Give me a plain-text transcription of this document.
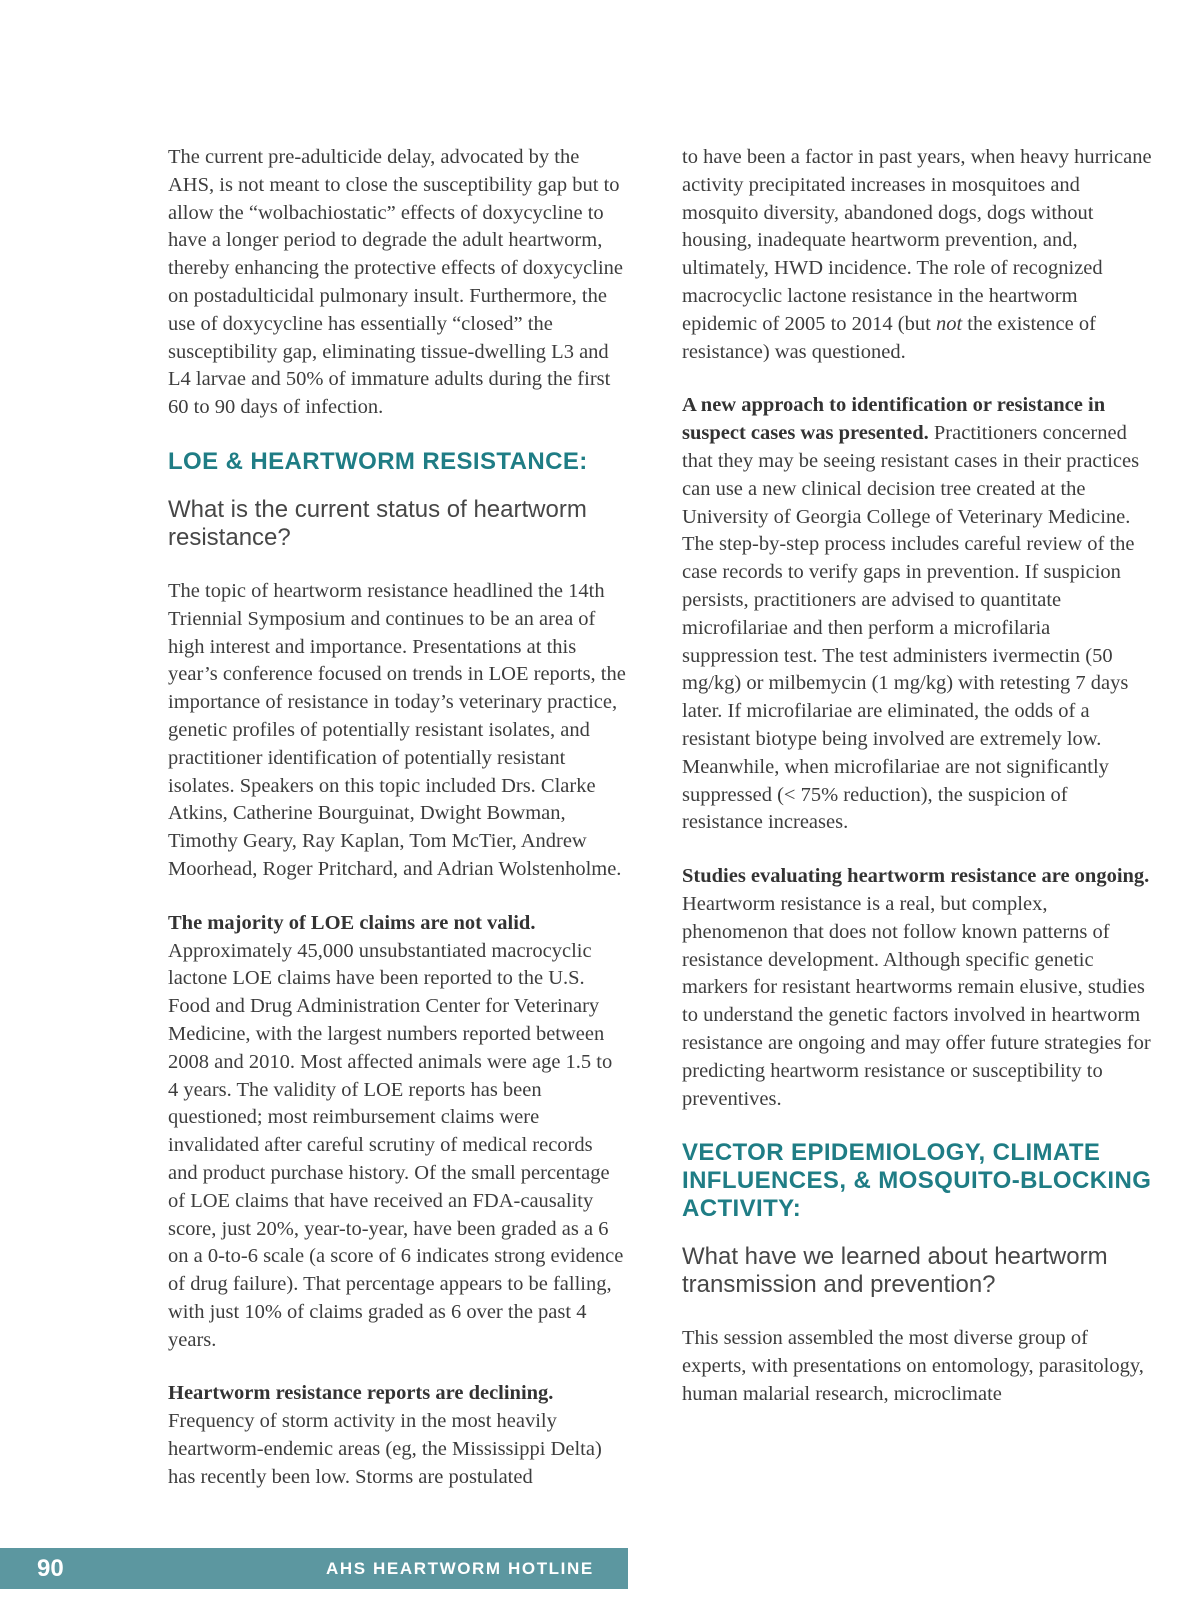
The current pre-adulticide delay, advocated by the AHS, is not meant to close the susceptibility gap but to allow the “wolbachiostatic” effects of doxycycline to have a longer period to degrade the adult heartworm, thereby enhancing the protective effects of doxycycline on postadulticidal pulmonary insult. Furthermore, the use of doxycycline has essentially “closed” the susceptibility gap, eliminating tissue-dwelling L3 and L4 larvae and 50% of immature adults during the first 60 to 90 days of infection.

LOE & HEARTWORM RESISTANCE:
What is the current status of heartworm resistance?

The topic of heartworm resistance headlined the 14th Triennial Symposium and continues to be an area of high interest and importance. Presentations at this year’s conference focused on trends in LOE reports, the importance of resistance in today’s veterinary practice, genetic profiles of potentially resistant isolates, and practitioner identification of potentially resistant isolates. Speakers on this topic included Drs. Clarke Atkins, Catherine Bourguinat, Dwight Bowman, Timothy Geary, Ray Kaplan, Tom McTier, Andrew Moorhead, Roger Pritchard, and Adrian Wolstenholme.

The majority of LOE claims are not valid. Approximately 45,000 unsubstantiated macrocyclic lactone LOE claims have been reported to the U.S. Food and Drug Administration Center for Veterinary Medicine, with the largest numbers reported between 2008 and 2010. Most affected animals were age 1.5 to 4 years. The validity of LOE reports has been questioned; most reimbursement claims were invalidated after careful scrutiny of medical records and product purchase history. Of the small percentage of LOE claims that have received an FDA-causality score, just 20%, year-to-year, have been graded as a 6 on a 0-to-6 scale (a score of 6 indicates strong evidence of drug failure). That percentage appears to be falling, with just 10% of claims graded as 6 over the past 4 years.

Heartworm resistance reports are declining. Frequency of storm activity in the most heavily heartworm-endemic areas (eg, the Mississippi Delta) has recently been low. Storms are postulated

to have been a factor in past years, when heavy hurricane activity precipitated increases in mosquitoes and mosquito diversity, abandoned dogs, dogs without housing, inadequate heartworm prevention, and, ultimately, HWD incidence. The role of recognized macrocyclic lactone resistance in the heartworm epidemic of 2005 to 2014 (but not the existence of resistance) was questioned.

A new approach to identification or resistance in suspect cases was presented. Practitioners concerned that they may be seeing resistant cases in their practices can use a new clinical decision tree created at the University of Georgia College of Veterinary Medicine. The step-by-step process includes careful review of the case records to verify gaps in prevention. If suspicion persists, practitioners are advised to quantitate microfilariae and then perform a microfilaria suppression test. The test administers ivermectin (50 mg/kg) or milbemycin (1 mg/kg) with retesting 7 days later. If microfilariae are eliminated, the odds of a resistant biotype being involved are extremely low. Meanwhile, when microfilariae are not significantly suppressed (< 75% reduction), the suspicion of resistance increases.

Studies evaluating heartworm resistance are ongoing. Heartworm resistance is a real, but complex, phenomenon that does not follow known patterns of resistance development. Although specific genetic markers for resistant heartworms remain elusive, studies to understand the genetic factors involved in heartworm resistance are ongoing and may offer future strategies for predicting heartworm resistance or susceptibility to preventives.

VECTOR EPIDEMIOLOGY, CLIMATE INFLUENCES, & MOSQUITO-BLOCKING ACTIVITY:
What have we learned about heartworm transmission and prevention?

This session assembled the most diverse group of experts, with presentations on entomology, parasitology, human malarial research, microclimate

90	AHS HEARTWORM HOTLINE
